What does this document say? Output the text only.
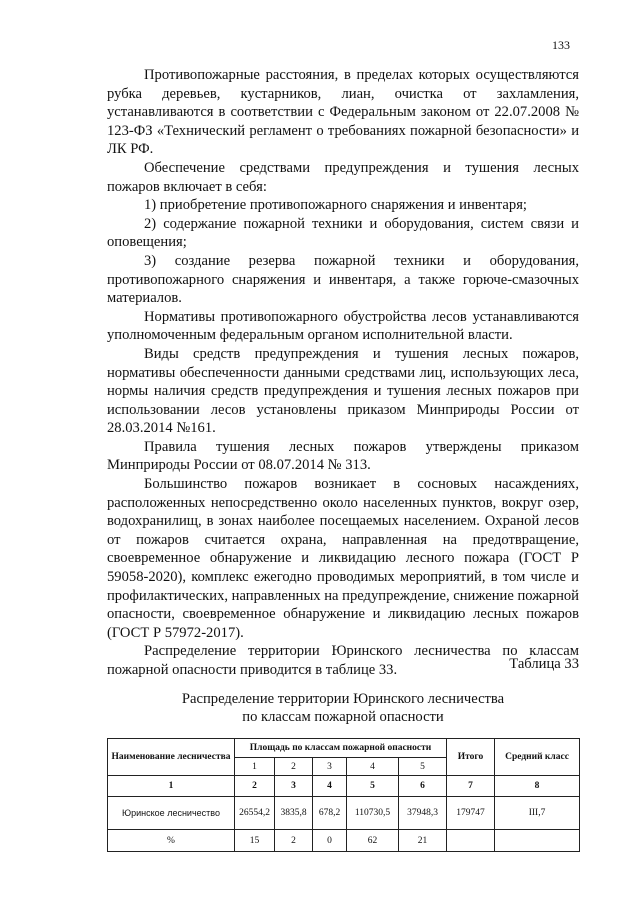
133

Противопожарные расстояния, в пределах которых осуществляются рубка деревьев, кустарников, лиан, очистка от захламления, устанавливаются в соответствии с Федеральным законом от 22.07.2008 № 123-ФЗ «Технический регламент о требованиях пожарной безопасности» и ЛК РФ.

Обеспечение средствами предупреждения и тушения лесных пожаров включает в себя:

1) приобретение противопожарного снаряжения и инвентаря;

2) содержание пожарной техники и оборудования, систем связи и оповещения;

3) создание резерва пожарной техники и оборудования, противопожарного снаряжения и инвентаря, а также горюче-смазочных материалов.

Нормативы противопожарного обустройства лесов устанавливаются уполномоченным федеральным органом исполнительной власти.

Виды средств предупреждения и тушения лесных пожаров, нормативы обеспеченности данными средствами лиц, использующих леса, нормы наличия средств предупреждения и тушения лесных пожаров при использовании лесов установлены приказом Минприроды России от 28.03.2014 №161.

Правила тушения лесных пожаров утверждены приказом Минприроды России от 08.07.2014 № 313.

Большинство пожаров возникает в сосновых насаждениях, расположенных непосредственно около населенных пунктов, вокруг озер, водохранилищ, в зонах наиболее посещаемых населением. Охраной лесов от пожаров считается охрана, направленная на предотвращение, своевременное обнаружение и ликвидацию лесного пожара (ГОСТ Р 59058-2020), комплекс ежегодно проводимых мероприятий, в том числе и профилактических, направленных на предупреждение, снижение пожарной опасности, своевременное обнаружение и ликвидацию лесных пожаров (ГОСТ Р 57972-2017).

Распределение территории Юринского лесничества по классам пожарной опасности приводится в таблице 33.	Таблица 33
Распределение территории Юринского лесничества
по классам пожарной опасности
Наименование лесничества	Площадь по классам пожарной опасности					Итого	Средний класс
	1	2	3	4	5		
1	2	3	4	5	6	7	8
Юринское лесничество	26554,2	3835,8	678,2	110730,5	37948,3	179747	III,7
%	15	2	0	62	21		
